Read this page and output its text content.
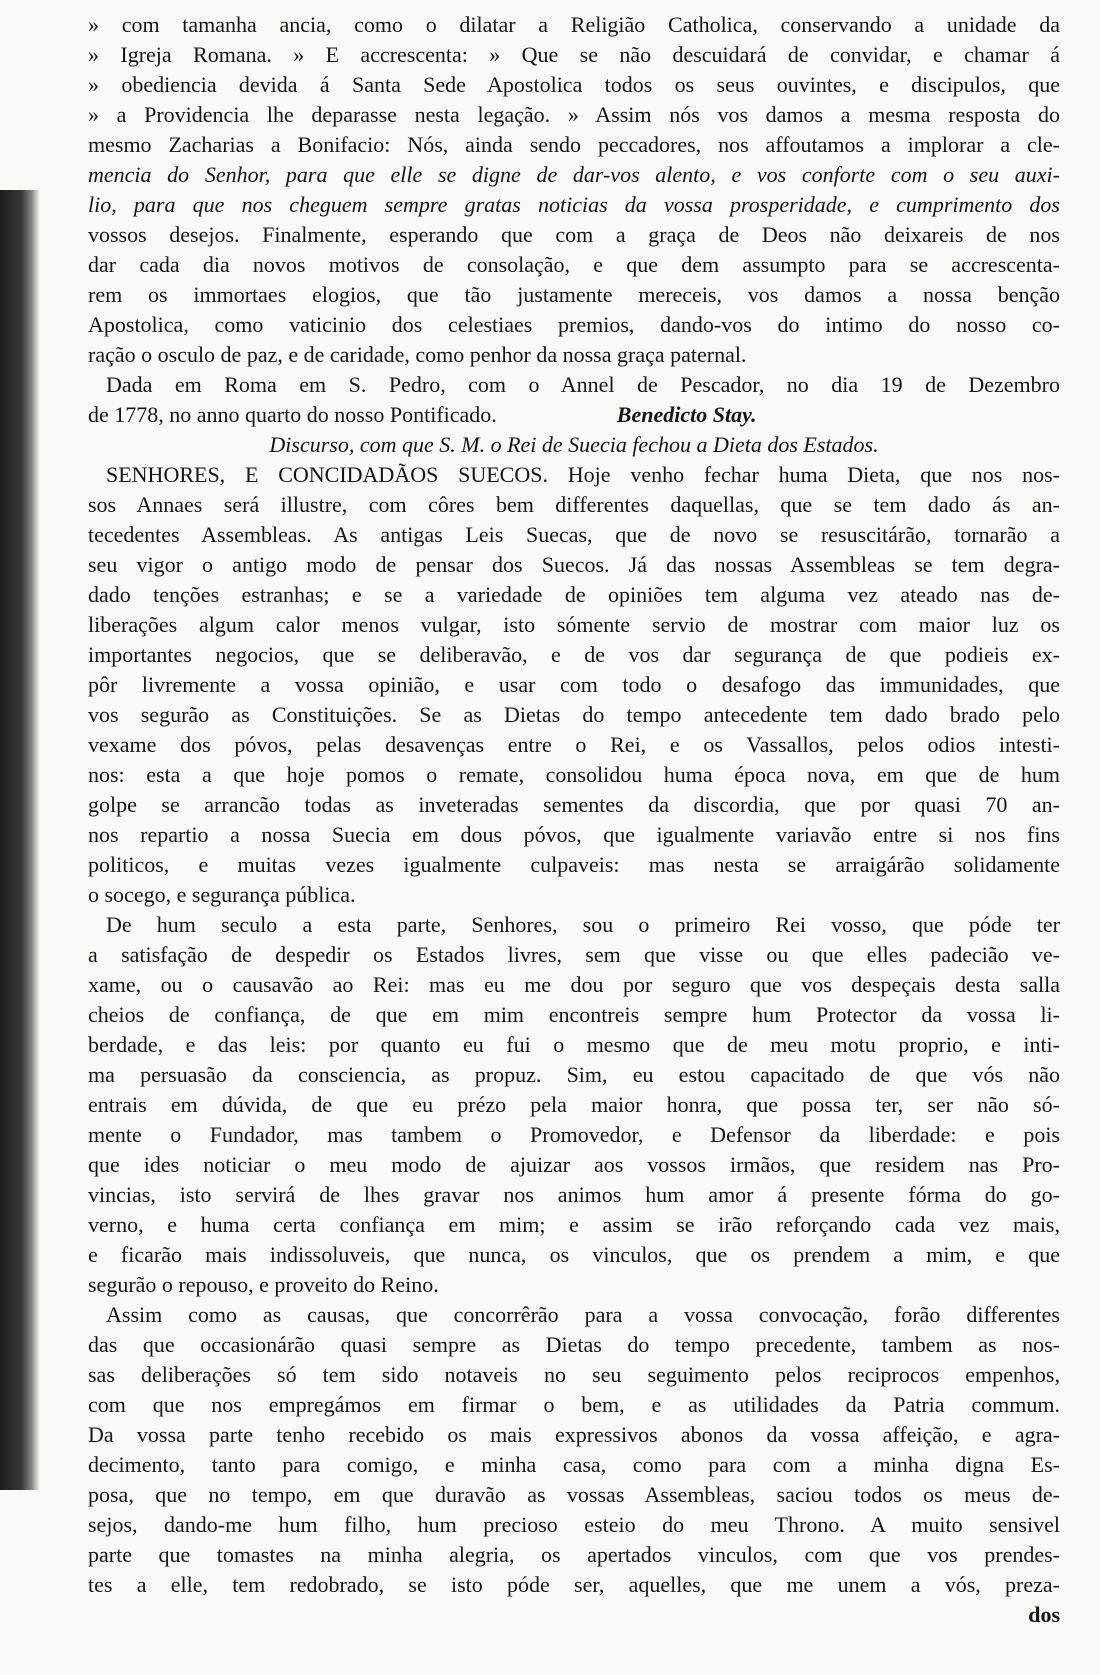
» com tamanha ancia, como o dilatar a Religião Catholica, conservando a unidade da
» Igreja Romana. » E accrescenta: » Que se não descuidará de convidar, e chamar á
» obediencia devida á Santa Sede Apostolica todos os seus ouvintes, e discipulos, que
» a Providencia lhe deparasse nesta legação. » Assim nós vos damos a mesma resposta do
mesmo Zacharias a Bonifacio: Nós, ainda sendo peccadores, nos affoutamos a implorar a cle-
mencia do Senhor, para que elle se digne de dar-vos alento, e vos conforte com o seu auxi-
lio, para que nos cheguem sempre gratas noticias da vossa prosperidade, e cumprimento dos
vossos desejos. Finalmente, esperando que com a graça de Deos não deixareis de nos
dar cada dia novos motivos de consolação, e que dem assumpto para se accrescenta-
rem os immortaes elogios, que tão justamente mereceis, vos damos a nossa benção
Apostolica, como vaticinio dos celestiaes premios, dando-vos do intimo do nosso co-
ração o osculo de paz, e de caridade, como penhor da nossa graça paternal.
Dada em Roma em S. Pedro, com o Annel de Pescador, no dia 19 de Dezembro
de 1778, no anno quarto do nosso Pontificado.	Benedicto Stay.
Discurso, com que S. M. o Rei de Suecia fechou a Dieta dos Estados.
SENHORES, E CONCIDADÃOS SUECOS. Hoje venho fechar huma Dieta, que nos nos-
sos Annaes será illustre, com côres bem differentes daquellas, que se tem dado ás an-
tecedentes Assembleas. As antigas Leis Suecas, que de novo se resuscitárão, tornarão a
seu vigor o antigo modo de pensar dos Suecos. Já das nossas Assembleas se tem degra-
dado tenções estranhas; e se a variedade de opiniões tem alguma vez ateado nas de-
liberações algum calor menos vulgar, isto sómente servio de mostrar com maior luz os
importantes negocios, que se deliberavão, e de vos dar segurança de que podieis ex-
pôr livremente a vossa opinião, e usar com todo o desafogo das immunidades, que
vos segurão as Constituições. Se as Dietas do tempo antecedente tem dado brado pelo
vexame dos póvos, pelas desavenças entre o Rei, e os Vassallos, pelos odios intesti-
nos: esta a que hoje pomos o remate, consolidou huma época nova, em que de hum
golpe se arrancão todas as inveteradas sementes da discordia, que por quasi 70 an-
nos repartio a nossa Suecia em dous póvos, que igualmente variavão entre si nos fins
politicos, e muitas vezes igualmente culpaveis: mas nesta se arraigárão solidamente
o socego, e segurança pública.
De hum seculo a esta parte, Senhores, sou o primeiro Rei vosso, que póde ter
a satisfação de despedir os Estados livres, sem que visse ou que elles padecião ve-
xame, ou o causavão ao Rei: mas eu me dou por seguro que vos despeçais desta salla
cheios de confiança, de que em mim encontreis sempre hum Protector da vossa li-
berdade, e das leis: por quanto eu fui o mesmo que de meu motu proprio, e inti-
ma persuasão da consciencia, as propuz. Sim, eu estou capacitado de que vós não
entrais em dúvida, de que eu prézo pela maior honra, que possa ter, ser não só-
mente o Fundador, mas tambem o Promovedor, e Defensor da liberdade: e pois
que ides noticiar o meu modo de ajuizar aos vossos irmãos, que residem nas Pro-
vincias, isto servirá de lhes gravar nos animos hum amor á presente fórma do go-
verno, e huma certa confiança em mim; e assim se irão reforçando cada vez mais,
e ficarão mais indissoluveis, que nunca, os vinculos, que os prendem a mim, e que
segurão o repouso, e proveito do Reino.
Assim como as causas, que concorrêrão para a vossa convocação, forão differentes
das que occasionárão quasi sempre as Dietas do tempo precedente, tambem as nos-
sas deliberações só tem sido notaveis no seu seguimento pelos reciprocos empenhos,
com que nos empregámos em firmar o bem, e as utilidades da Patria commum.
Da vossa parte tenho recebido os mais expressivos abonos da vossa affeição, e agra-
decimento, tanto para comigo, e minha casa, como para com a minha digna Es-
posa, que no tempo, em que duravão as vossas Assembleas, saciou todos os meus de-
sejos, dando-me hum filho, hum precioso esteio do meu Throno. A muito sensivel
parte que tomastes na minha alegria, os apertados vinculos, com que vos prendes-
tes a elle, tem redobrado, se isto póde ser, aquelles, que me unem a vós, preza-
dos
